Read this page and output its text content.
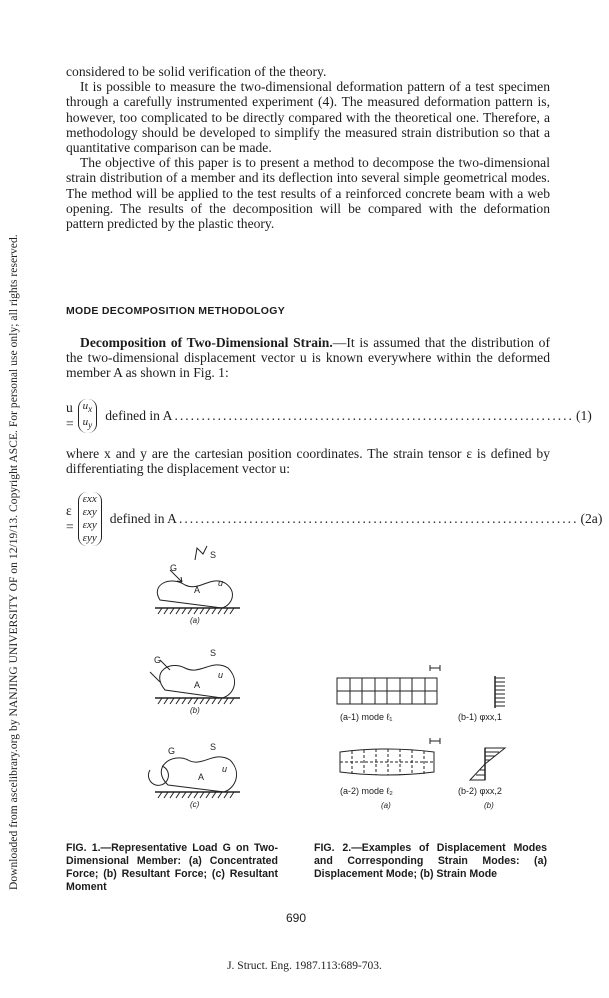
Downloaded from ascelibrary.org by NANJING UNIVERSITY OF on 12/19/13. Copyright ASCE. For personal use only; all rights reserved.

considered to be solid verification of the theory.

It is possible to measure the two-dimensional deformation pattern of a test specimen through a carefully instrumented experiment (4). The measured deformation pattern is, however, too complicated to be directly compared with the theoretical one. Therefore, a methodology should be developed to simplify the measured strain distribution so that a quantitative comparison can be made.

The objective of this paper is to present a method to decompose the two-dimensional strain distribution of a member and its deflection into several simple geometrical modes. The method will be applied to the test results of a reinforced concrete beam with a web opening. The results of the decomposition will be compared with the deformation pattern predicted by the plastic theory.

MODE DECOMPOSITION METHODOLOGY

Decomposition of Two-Dimensional Strain.—It is assumed that the distribution of the two-dimensional displacement vector u is known everywhere within the deformed member A as shown in Fig. 1:

u =
$u_x$
$u_y$
defined in A .......................................................................... (1)

where x and y are the cartesian position coordinates. The strain tensor ε is defined by differentiating the displacement vector u:

ε =
εxx εxy
εxy εyy
defined in A .......................................................................... (2a)
G
S
A
u
(a)
G
S
A
u
(b)
G	S
A
u
(c)
(a-1) mode ℓ₁	(b-1) φxx,1
(a-2) mode ℓ₂	(b-2) φxx,2
(a)	(b)
FIG. 1.—Representative Load G on Two-Dimensional Member: (a) Concentrated Force; (b) Resultant Force; (c) Resultant Moment
FIG. 2.—Examples of Displacement Modes and Corresponding Strain Modes: (a) Displacement Mode; (b) Strain Mode
690
J. Struct. Eng. 1987.113:689-703.
